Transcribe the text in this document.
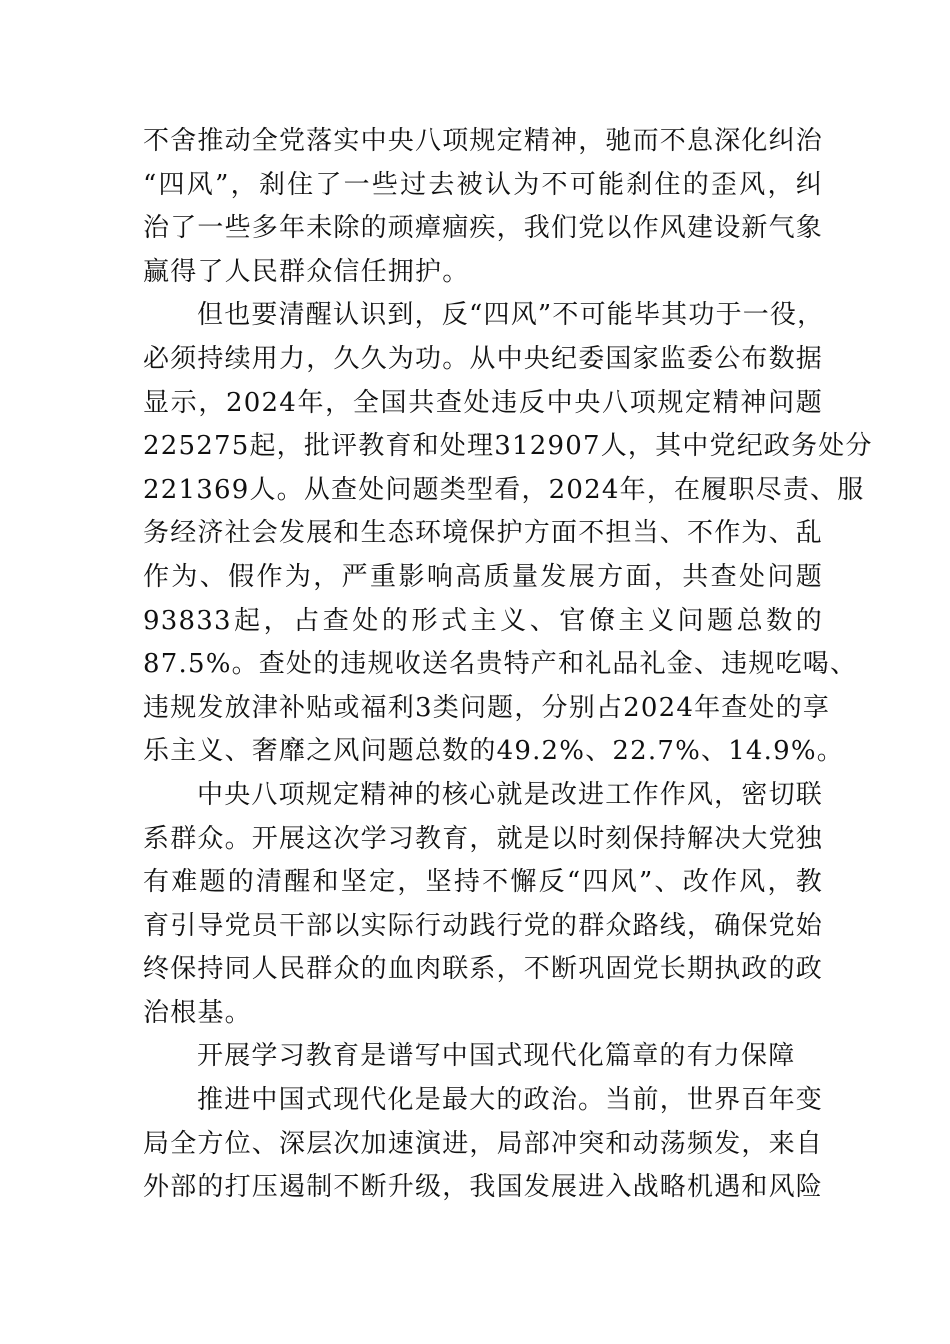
不舍推动全党落实中央八项规定精神，驰而不息深化纠治
“四风”，刹住了一些过去被认为不可能刹住的歪风，纠
治了一些多年未除的顽瘴痼疾，我们党以作风建设新气象
赢得了人民群众信任拥护。
但也要清醒认识到，反“四风”不可能毕其功于一役，
必须持续用力，久久为功。从中央纪委国家监委公布数据
显示，2024年，全国共查处违反中央八项规定精神问题
225275起，批评教育和处理312907人，其中党纪政务处分
221369人。从查处问题类型看，2024年，在履职尽责、服
务经济社会发展和生态环境保护方面不担当、不作为、乱
作为、假作为，严重影响高质量发展方面，共查处问题
93833起，占查处的形式主义、官僚主义问题总数的
87.5%。查处的违规收送名贵特产和礼品礼金、违规吃喝、
违规发放津补贴或福利3类问题，分别占2024年查处的享
乐主义、奢靡之风问题总数的49.2%、22.7%、14.9%。
中央八项规定精神的核心就是改进工作作风，密切联
系群众。开展这次学习教育，就是以时刻保持解决大党独
有难题的清醒和坚定，坚持不懈反“四风”、改作风，教
育引导党员干部以实际行动践行党的群众路线，确保党始
终保持同人民群众的血肉联系，不断巩固党长期执政的政
治根基。
开展学习教育是谱写中国式现代化篇章的有力保障
推进中国式现代化是最大的政治。当前，世界百年变
局全方位、深层次加速演进，局部冲突和动荡频发，来自
外部的打压遏制不断升级，我国发展进入战略机遇和风险
